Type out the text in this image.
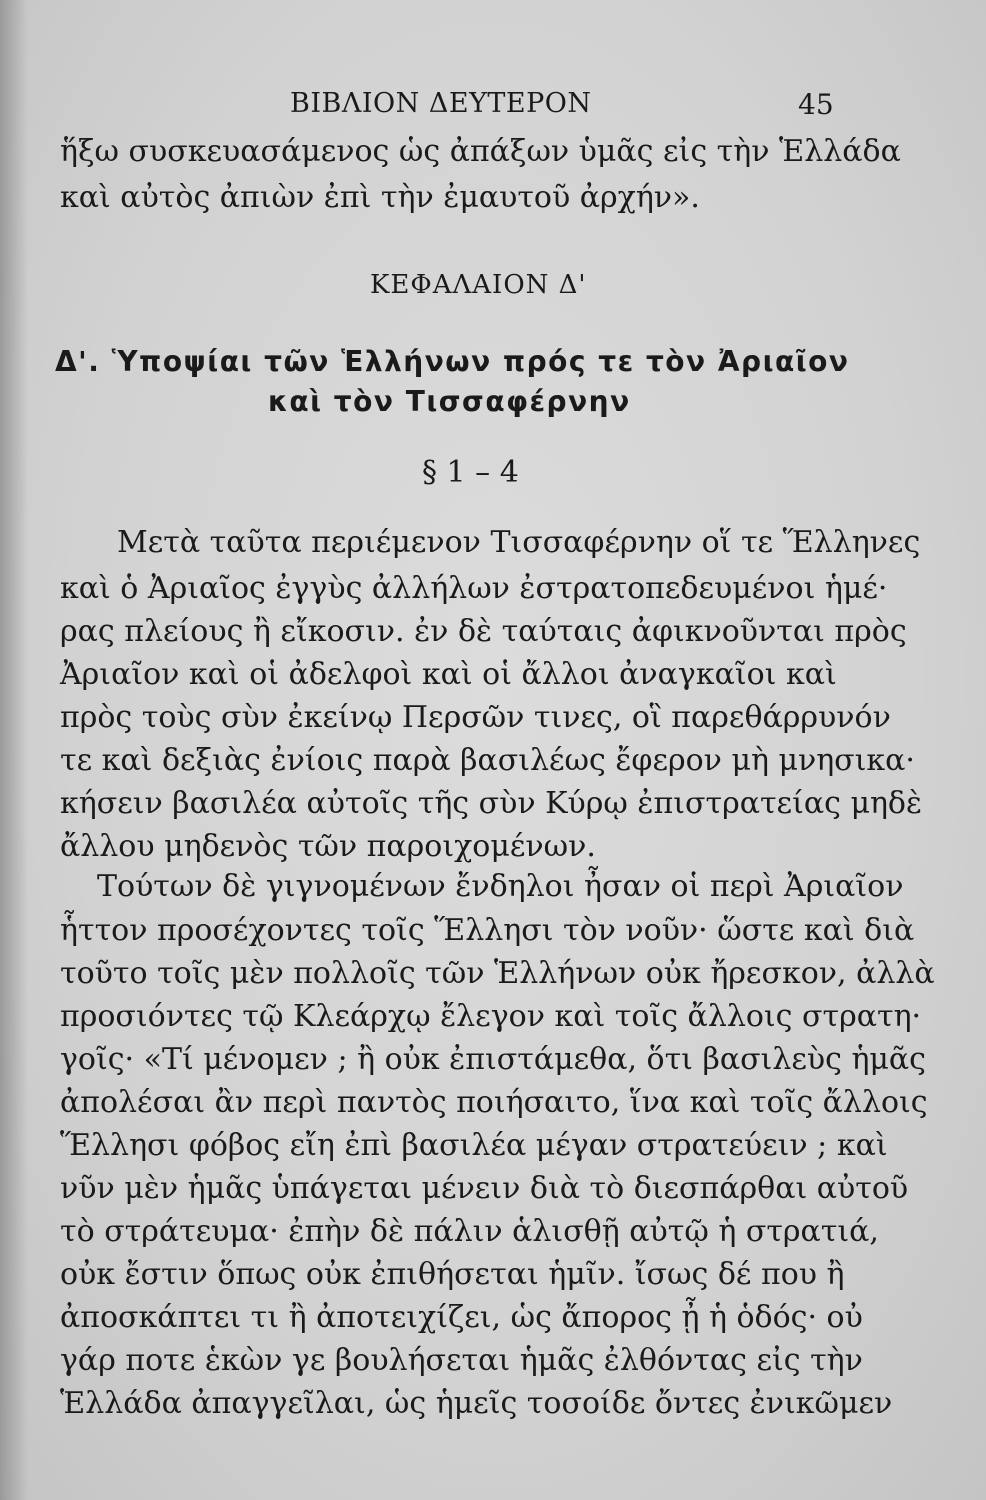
ΒΙΒΛΙΟΝ ΔΕΥΤΕΡΟΝ	45
ἥξω συσκευασάμενος ὡς ἀπάξων ὑμᾶς εἰς τὴν Ἑλλάδα
καὶ αὐτὸς ἀπιὼν ἐπὶ τὴν ἐμαυτοῦ ἀρχήν».
ΚΕΦΑΛΑΙΟΝ Δ'
Δ'. Ὑποψίαι τῶν Ἑλλήνων πρός τε τὸν Ἀριαῖον
καὶ τὸν Τισσαφέρνην
§ 1 – 4
Μετὰ ταῦτα περιέμενον Τισσαφέρνην οἵ τε Ἕλληνες
καὶ ὁ Ἀριαῖος ἐγγὺς ἀλλήλων ἐστρατοπεδευμένοι ἡμέ·
ρας πλείους ἢ εἴκοσιν. ἐν δὲ ταύταις ἀφικνοῦνται πρὸς
Ἀριαῖον καὶ οἱ ἀδελφοὶ καὶ οἱ ἄλλοι ἀναγκαῖοι καὶ
πρὸς τοὺς σὺν ἐκείνῳ Περσῶν τινες, οἳ παρεθάρρυνόν
τε καὶ δεξιὰς ἐνίοις παρὰ βασιλέως ἔφερον μὴ μνησικα·
κήσειν βασιλέα αὐτοῖς τῆς σὺν Κύρῳ ἐπιστρατείας μηδὲ
ἄλλου μηδενὸς τῶν παροιχομένων.
Τούτων δὲ γιγνομένων ἔνδηλοι ἦσαν οἱ περὶ Ἀριαῖον
ἧττον προσέχοντες τοῖς Ἕλλησι τὸν νοῦν· ὥστε καὶ διὰ
τοῦτο τοῖς μὲν πολλοῖς τῶν Ἑλλήνων οὐκ ἤρεσκον, ἀλλὰ
προσιόντες τῷ Κλεάρχῳ ἔλεγον καὶ τοῖς ἄλλοις στρατη·
γοῖς· «Τί μένομεν ; ἢ οὐκ ἐπιστάμεθα, ὅτι βασιλεὺς ἡμᾶς
ἀπολέσαι ἂν περὶ παντὸς ποιήσαιτο, ἵνα καὶ τοῖς ἄλλοις
Ἕλλησι φόβος εἴη ἐπὶ βασιλέα μέγαν στρατεύειν ; καὶ
νῦν μὲν ἡμᾶς ὑπάγεται μένειν διὰ τὸ διεσπάρθαι αὐτοῦ
τὸ στράτευμα· ἐπὴν δὲ πάλιν ἁλισθῇ αὐτῷ ἡ στρατιά,
οὐκ ἔστιν ὅπως οὐκ ἐπιθήσεται ἡμῖν. ἴσως δέ που ἢ
ἀποσκάπτει τι ἢ ἀποτειχίζει, ὡς ἄπορος ᾖ ἡ ὁδός· οὐ
γάρ ποτε ἑκὼν γε βουλήσεται ἡμᾶς ἐλθόντας εἰς τὴν
Ἑλλάδα ἀπαγγεῖλαι, ὡς ἡμεῖς τοσοίδε ὄντες ἐνικῶμεν
